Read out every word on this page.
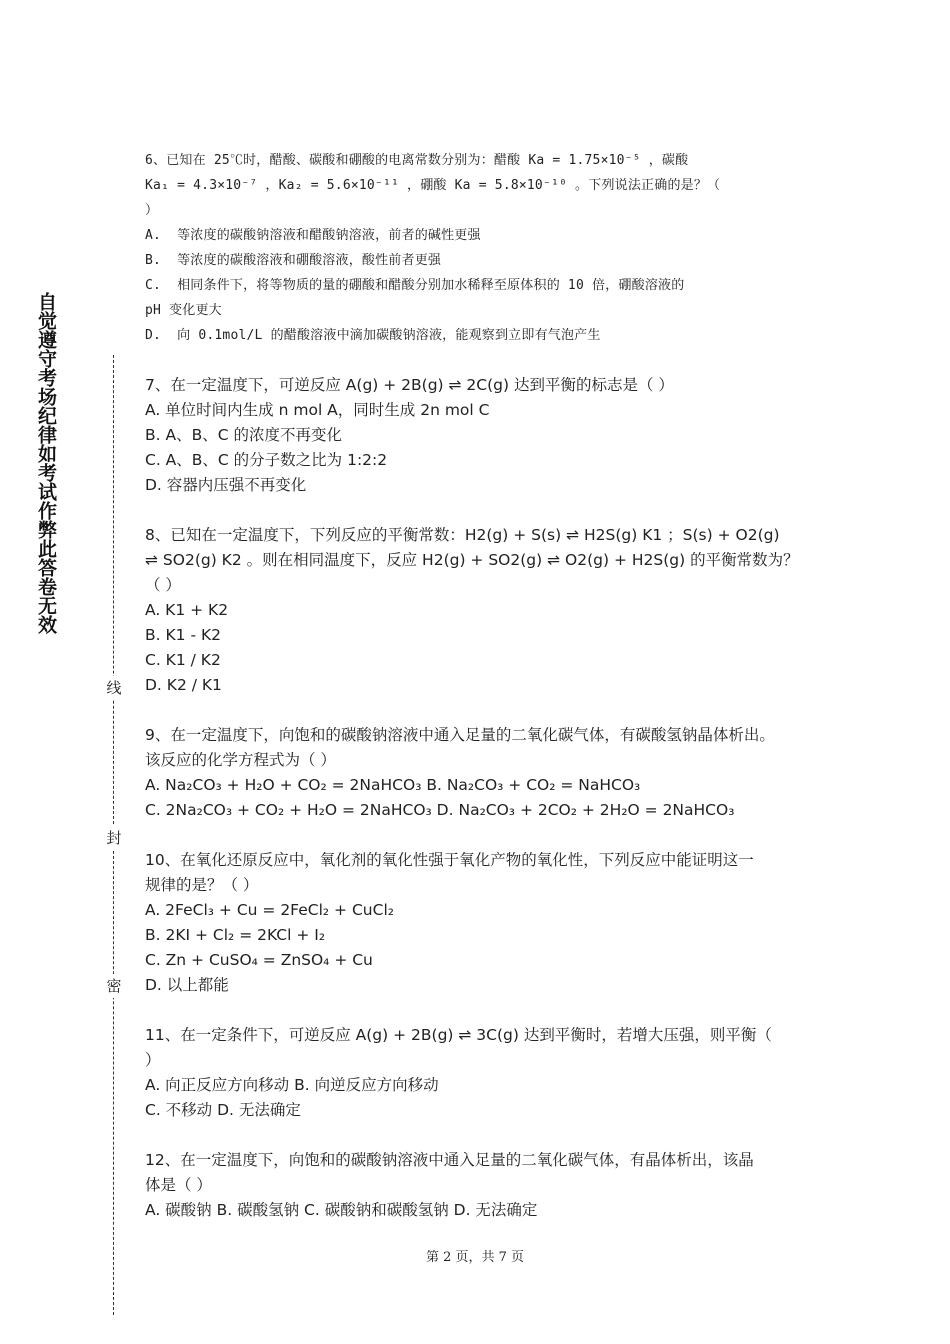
自觉遵守考场纪律如考试作弊此答卷无效
线
封
密
6、已知在 25℃时，醋酸、碳酸和硼酸的电离常数分别为：醋酸 Ka = 1.75×10⁻⁵ ，碳酸
Ka₁ = 4.3×10⁻⁷ ，Ka₂ = 5.6×10⁻¹¹ ，硼酸 Ka = 5.8×10⁻¹⁰ 。下列说法正确的是？（
）
A.  等浓度的碳酸钠溶液和醋酸钠溶液，前者的碱性更强
B.  等浓度的碳酸溶液和硼酸溶液，酸性前者更强
C.  相同条件下，将等物质的量的硼酸和醋酸分别加水稀释至原体积的 10 倍，硼酸溶液的
pH 变化更大
D.  向 0.1mol/L 的醋酸溶液中滴加碳酸钠溶液，能观察到立即有气泡产生
7、在一定温度下，可逆反应 A(g) + 2B(g) ⇌ 2C(g) 达到平衡的标志是（ ）
A. 单位时间内生成 n mol A，同时生成 2n mol C
B. A、B、C 的浓度不再变化
C. A、B、C 的分子数之比为 1:2:2
D. 容器内压强不再变化
8、已知在一定温度下，下列反应的平衡常数：H2(g) + S(s) ⇌ H2S(g) K1 ；S(s) + O2(g)
⇌ SO2(g) K2 。则在相同温度下，反应 H2(g) + SO2(g) ⇌ O2(g) + H2S(g) 的平衡常数为？
（ ）
A. K1 + K2
B. K1 - K2
C. K1 / K2
D. K2 / K1
9、在一定温度下，向饱和的碳酸钠溶液中通入足量的二氧化碳气体，有碳酸氢钠晶体析出。
该反应的化学方程式为（ ）
A. Na₂CO₃ + H₂O + CO₂ = 2NaHCO₃ B. Na₂CO₃ + CO₂ = NaHCO₃
C. 2Na₂CO₃ + CO₂ + H₂O = 2NaHCO₃ D. Na₂CO₃ + 2CO₂ + 2H₂O = 2NaHCO₃
10、在氧化还原反应中，氧化剂的氧化性强于氧化产物的氧化性，下列反应中能证明这一
规律的是？（ ）
A. 2FeCl₃ + Cu = 2FeCl₂ + CuCl₂
B. 2KI + Cl₂ = 2KCl + I₂
C. Zn + CuSO₄ = ZnSO₄ + Cu
D. 以上都能
11、在一定条件下，可逆反应 A(g) + 2B(g) ⇌ 3C(g) 达到平衡时，若增大压强，则平衡（
）
A. 向正反应方向移动 B. 向逆反应方向移动
C. 不移动 D. 无法确定
12、在一定温度下，向饱和的碳酸钠溶液中通入足量的二氧化碳气体，有晶体析出，该晶
体是（ ）
A. 碳酸钠 B. 碳酸氢钠 C. 碳酸钠和碳酸氢钠 D. 无法确定
第 2 页，共 7 页
